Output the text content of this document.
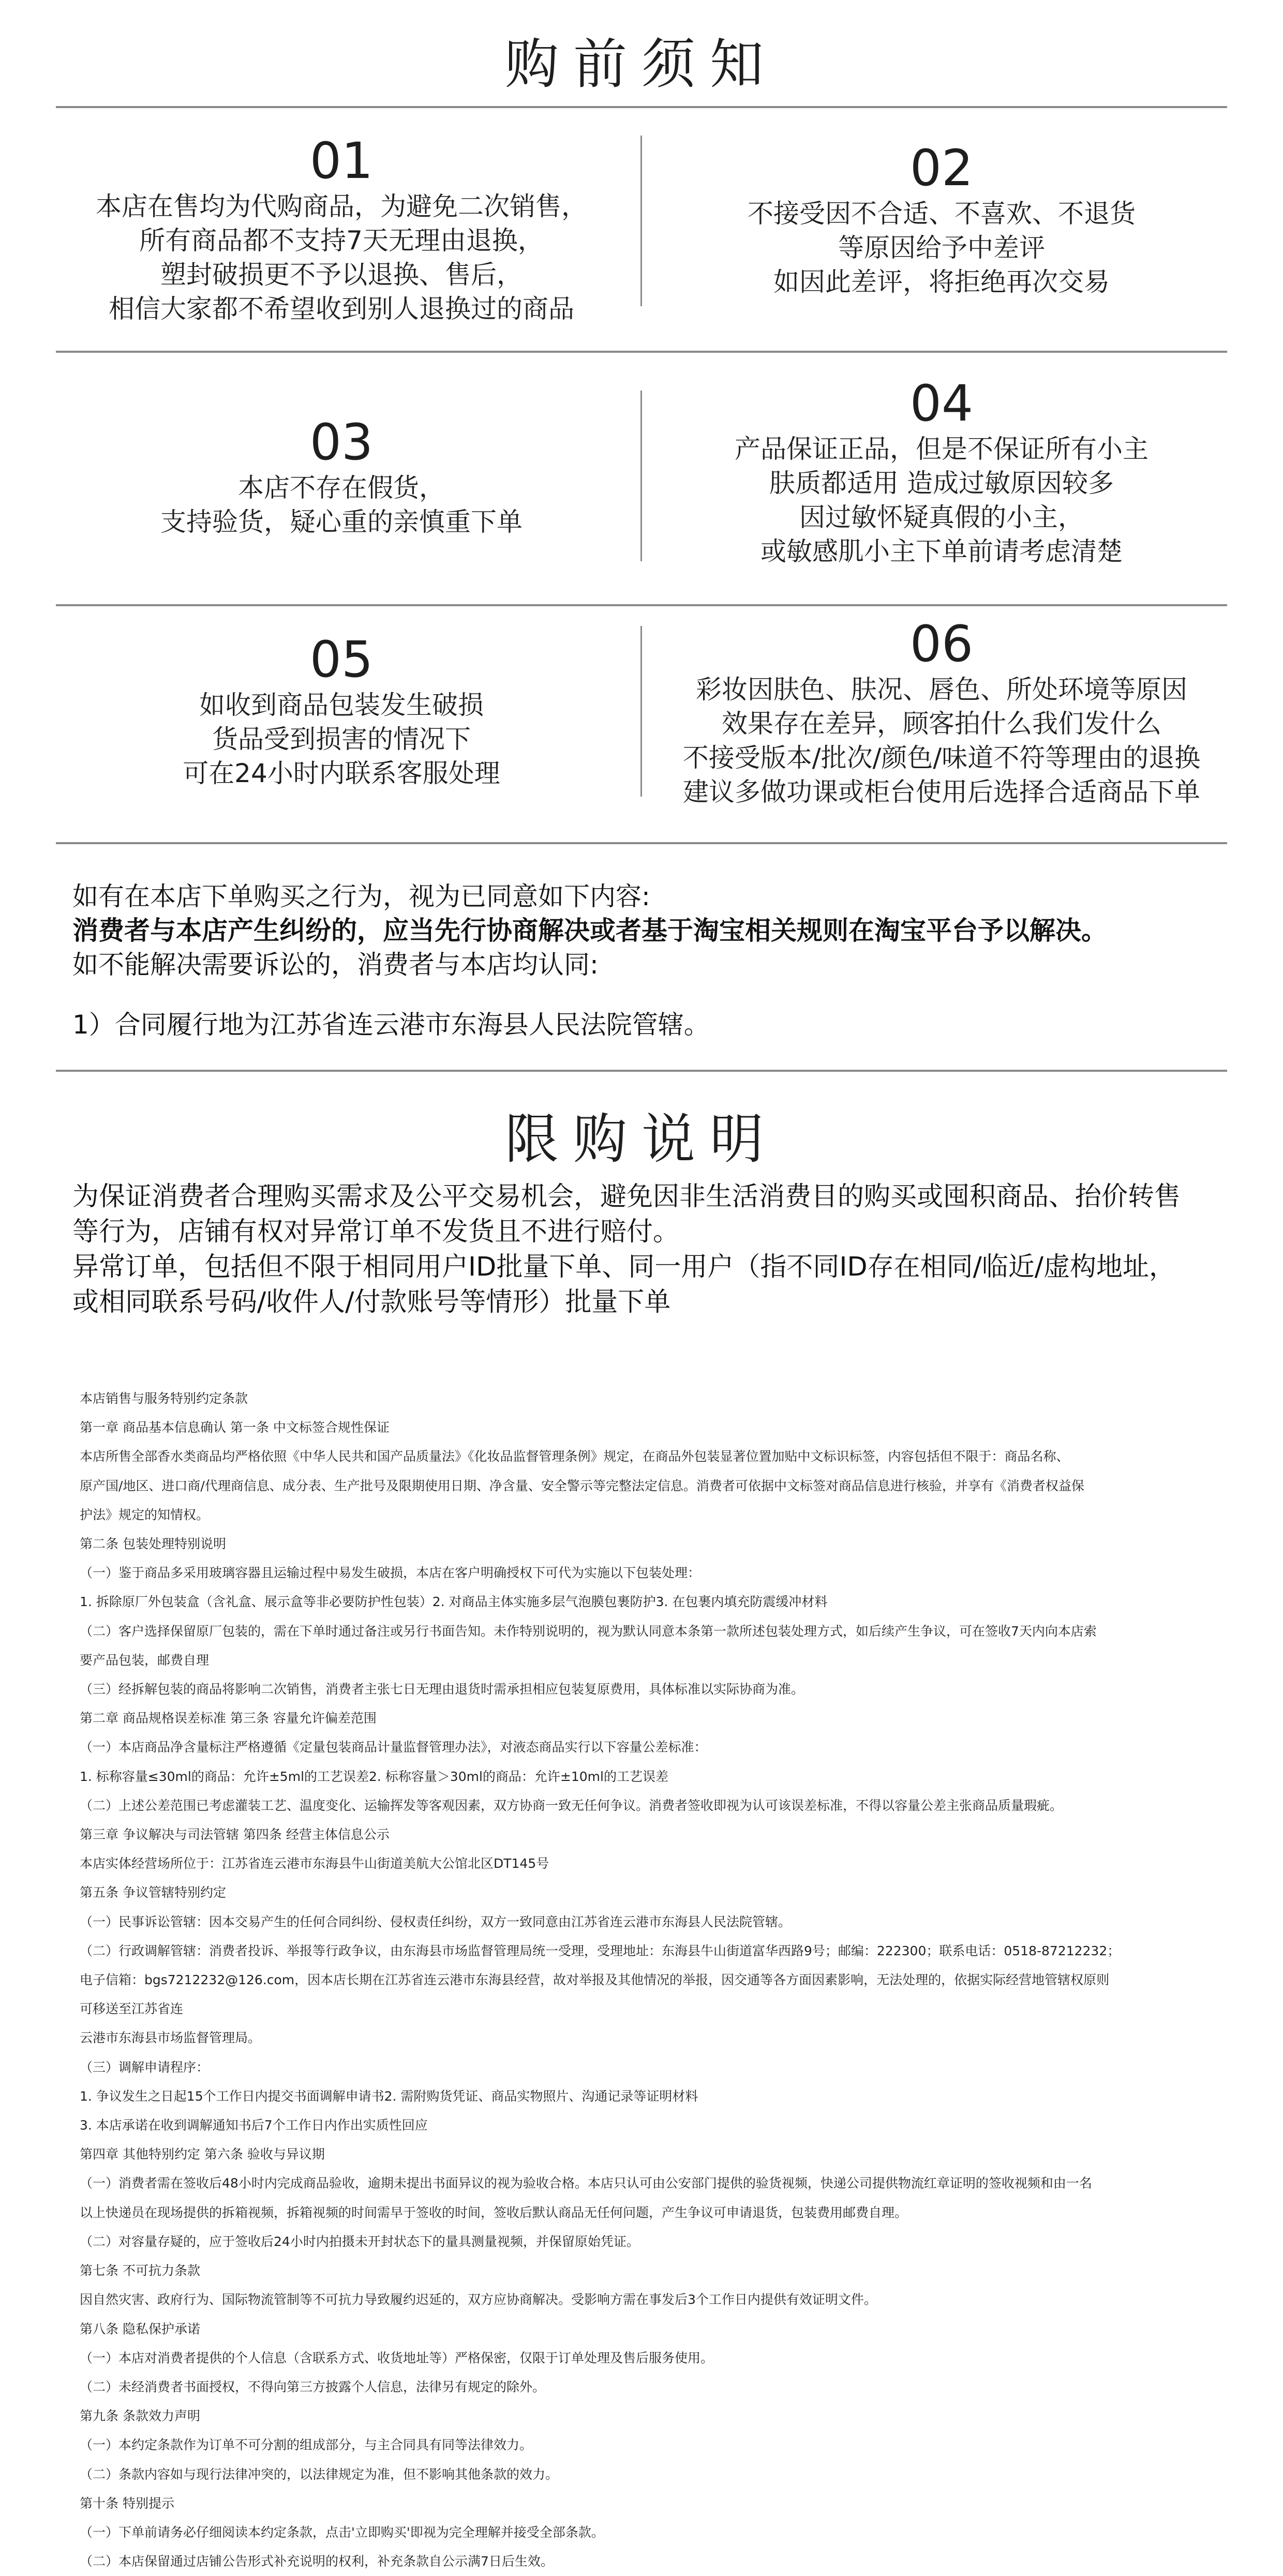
购前须知
01
本店在售均为代购商品，为避免二次销售，
所有商品都不支持7天无理由退换，
塑封破损更不予以退换、售后，
相信大家都不希望收到别人退换过的商品
02
不接受因不合适、不喜欢、不退货
等原因给予中差评
如因此差评，将拒绝再次交易
03
本店不存在假货，
支持验货，疑心重的亲慎重下单
04
产品保证正品，但是不保证所有小主
肤质都适用 造成过敏原因较多
因过敏怀疑真假的小主，
或敏感肌小主下单前请考虑清楚
05
如收到商品包装发生破损
货品受到损害的情况下
可在24小时内联系客服处理
06
彩妆因肤色、肤况、唇色、所处环境等原因
效果存在差异，顾客拍什么我们发什么
不接受版本/批次/颜色/味道不符等理由的退换
建议多做功课或柜台使用后选择合适商品下单
如有在本店下单购买之行为，视为已同意如下内容:
消费者与本店产生纠纷的，应当先行协商解决或者基于淘宝相关规则在淘宝平台予以解决。
如不能解决需要诉讼的，消费者与本店均认同:
1）合同履行地为江苏省连云港市东海县人民法院管辖。
限购说明
为保证消费者合理购买需求及公平交易机会，避免因非生活消费目的购买或囤积商品、抬价转售
等行为，店铺有权对异常订单不发货且不进行赔付。
异常订单，包括但不限于相同用户ID批量下单、同一用户（指不同ID存在相同/临近/虚构地址，
或相同联系号码/收件人/付款账号等情形）批量下单
本店销售与服务特别约定条款
第一章 商品基本信息确认 第一条 中文标签合规性保证
本店所售全部香水类商品均严格依照《中华人民共和国产品质量法》《化妆品监督管理条例》规定，在商品外包装显著位置加贴中文标识标签，内容包括但不限于：商品名称、
原产国/地区、进口商/代理商信息、成分表、生产批号及限期使用日期、净含量、安全警示等完整法定信息。消费者可依据中文标签对商品信息进行核验，并享有《消费者权益保
护法》规定的知情权。
第二条 包装处理特别说明
（一）鉴于商品多采用玻璃容器且运输过程中易发生破损，本店在客户明确授权下可代为实施以下包装处理：
1. 拆除原厂外包装盒（含礼盒、展示盒等非必要防护性包装）2. 对商品主体实施多层气泡膜包裹防护3. 在包裹内填充防震缓冲材料
（二）客户选择保留原厂包装的，需在下单时通过备注或另行书面告知。未作特别说明的，视为默认同意本条第一款所述包装处理方式，如后续产生争议，可在签收7天内向本店索
要产品包装，邮费自理
（三）经拆解包装的商品将影响二次销售，消费者主张七日无理由退货时需承担相应包装复原费用，具体标准以实际协商为准。
第二章 商品规格误差标准 第三条 容量允许偏差范围
（一）本店商品净含量标注严格遵循《定量包装商品计量监督管理办法》，对液态商品实行以下容量公差标准：
1. 标称容量≤30ml的商品：允许±5ml的工艺误差2. 标称容量＞30ml的商品：允许±10ml的工艺误差
（二）上述公差范围已考虑灌装工艺、温度变化、运输挥发等客观因素，双方协商一致无任何争议。消费者签收即视为认可该误差标准，不得以容量公差主张商品质量瑕疵。
第三章 争议解决与司法管辖 第四条 经营主体信息公示
本店实体经营场所位于：江苏省连云港市东海县牛山街道美航大公馆北区DT145号
第五条 争议管辖特别约定
（一）民事诉讼管辖：因本交易产生的任何合同纠纷、侵权责任纠纷，双方一致同意由江苏省连云港市东海县人民法院管辖。
（二）行政调解管辖：消费者投诉、举报等行政争议，由东海县市场监督管理局统一受理，受理地址：东海县牛山街道富华西路9号；邮编：222300；联系电话：0518-87212232；
电子信箱：bgs7212232@126.com，因本店长期在江苏省连云港市东海县经营，故对举报及其他情况的举报，因交通等各方面因素影响，无法处理的，依据实际经营地管辖权原则
可移送至江苏省连
云港市东海县市场监督管理局。
（三）调解申请程序：
1. 争议发生之日起15个工作日内提交书面调解申请书2. 需附购货凭证、商品实物照片、沟通记录等证明材料
3. 本店承诺在收到调解通知书后7个工作日内作出实质性回应
第四章 其他特别约定 第六条 验收与异议期
（一）消费者需在签收后48小时内完成商品验收，逾期未提出书面异议的视为验收合格。本店只认可由公安部门提供的验货视频，快递公司提供物流红章证明的签收视频和由一名
以上快递员在现场提供的拆箱视频，拆箱视频的时间需早于签收的时间，签收后默认商品无任何问题，产生争议可申请退货，包装费用邮费自理。
（二）对容量存疑的，应于签收后24小时内拍摄未开封状态下的量具测量视频，并保留原始凭证。
第七条 不可抗力条款
因自然灾害、政府行为、国际物流管制等不可抗力导致履约迟延的，双方应协商解决。受影响方需在事发后3个工作日内提供有效证明文件。
第八条 隐私保护承诺
（一）本店对消费者提供的个人信息（含联系方式、收货地址等）严格保密，仅限于订单处理及售后服务使用。
（二）未经消费者书面授权，不得向第三方披露个人信息，法律另有规定的除外。
第九条 条款效力声明
（一）本约定条款作为订单不可分割的组成部分，与主合同具有同等法律效力。
（二）条款内容如与现行法律冲突的，以法律规定为准，但不影响其他条款的效力。
第十条 特别提示
（一）下单前请务必仔细阅读本约定条款，点击'立即购买'即视为完全理解并接受全部条款。
（二）本店保留通过店铺公告形式补充说明的权利，补充条款自公示满7日后生效。
